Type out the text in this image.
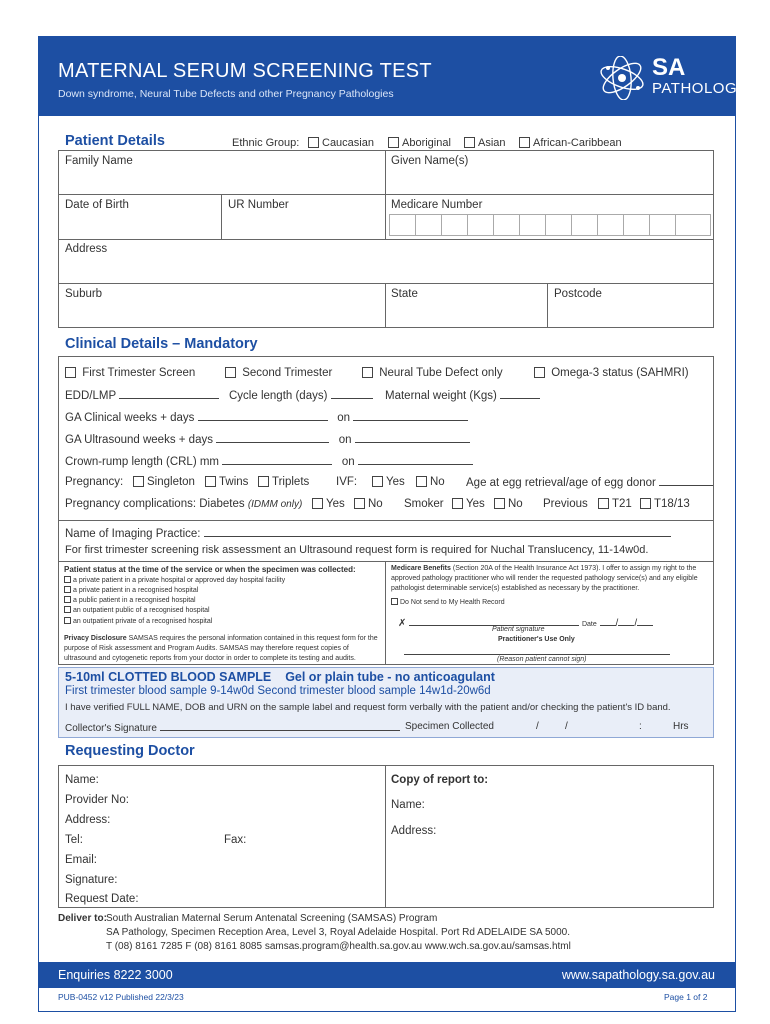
MATERNAL SERUM SCREENING TEST
Down syndrome, Neural Tube Defects and other Pregnancy Pathologies
SA
PATHOLOGY
Patient Details	Ethnic Group:	Caucasian	Aboriginal	Asian	African-Caribbean
Family Name	Given Name(s)
Date of Birth	UR Number	Medicare Number
Address
Suburb	State	Postcode
Clinical Details – Mandatory
First Trimester Screen	Second Trimester	Neural Tube Defect only	Omega-3 status (SAHMRI)
EDD/LMP	Cycle length (days)	Maternal weight (Kgs)
GA Clinical weeks + days	on
GA Ultrasound weeks + days	on
Crown-rump length (CRL) mm	on
Pregnancy:	Singleton	Twins	Triplets IVF:	Yes	No Age at egg retrieval/age of egg donor
Pregnancy complications: Diabetes (IDMM only)	Yes	No Smoker	Yes	No Previous	T21	T18/13
Name of Imaging Practice:
For first trimester screening risk assessment an Ultrasound request form is required for Nuchal Translucency, 11-14w0d.
Patient status at the time of the service or when the specimen was collected:
a private patient in a private hospital or approved day hospital facility
a private patient in a recognised hospital
a public patient in a recognised hospital
an outpatient public of a recognised hospital
an outpatient private of a recognised hospital
Privacy Disclosure SAMSAS requires the personal information contained in this request form for the purpose of Risk assessment and Program Audits. SAMSAS may therefore request copies of ultrasound and cytogenetic reports from your doctor in order to complete its testing and audits.
Medicare Benefits (Section 20A of the Health Insurance Act 1973). I offer to assign my right to the approved pathology practitioner who will render the requested pathology service(s) and any eligible pathologist determinable service(s) established as necessary by the practitioner.
Do Not send to My Health Record
✗	Date / /
Patient signature
Practitioner's Use Only
(Reason patient cannot sign)
5-10ml CLOTTED BLOOD SAMPLE Gel or plain tube - no anticoagulant
First trimester blood sample 9-14w0d Second trimester blood sample 14w1d-20w6d
I have verified FULL NAME, DOB and URN on the sample label and request form verbally with the patient and/or checking the patient's ID band.
Collector's Signature	Specimen Collected	/	/	:	Hrs
Requesting Doctor
Name:
Provider No:
Address:
Tel:	Fax:
Email:
Signature:
Request Date:
Copy of report to:
Name:
Address:
Deliver to: South Australian Maternal Serum Antenatal Screening (SAMSAS) Program
SA Pathology, Specimen Reception Area, Level 3, Royal Adelaide Hospital. Port Rd ADELAIDE SA 5000.
T (08) 8161 7285 F (08) 8161 8085 samsas.program@health.sa.gov.au www.wch.sa.gov.au/samsas.html
Enquiries 8222 3000	www.sapathology.sa.gov.au
PUB-0452 v12 Published 22/3/23	Page 1 of 2
